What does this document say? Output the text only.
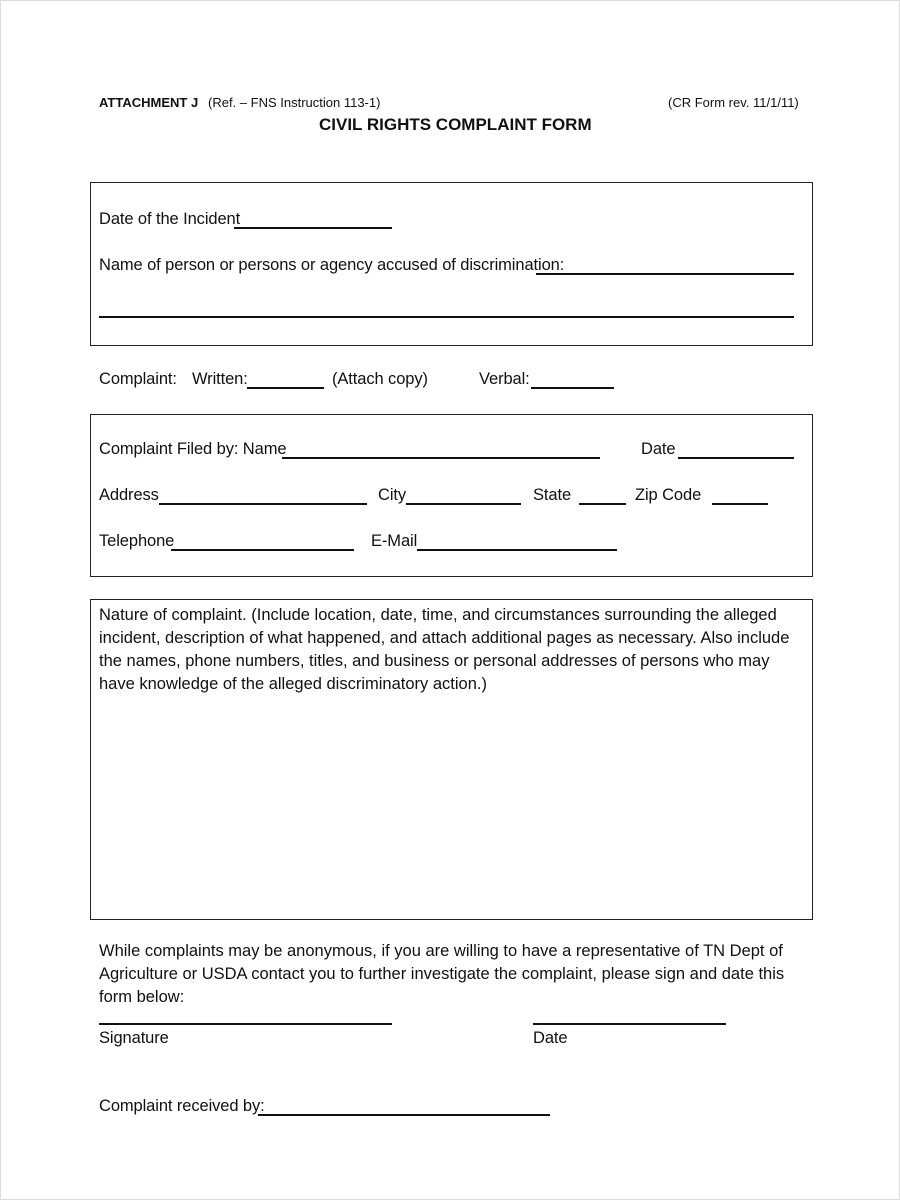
ATTACHMENT J (Ref. – FNS Instruction 113-1)	(CR Form rev. 11/1/11)
CIVIL RIGHTS COMPLAINT FORM
Date of the Incident
Name of person or persons or agency accused of discrimination:
Complaint: Written:	(Attach copy)	Verbal:
Complaint Filed by: Name	Date
Address	City	State	Zip Code
Telephone	E-Mail
Nature of complaint. (Include location, date, time, and circumstances surrounding the alleged incident, description of what happened, and attach additional pages as necessary. Also include the names, phone numbers, titles, and business or personal addresses of persons who may have knowledge of the alleged discriminatory action.)
While complaints may be anonymous, if you are willing to have a representative of TN Dept of Agriculture or USDA contact you to further investigate the complaint, please sign and date this form below:
Signature	Date
Complaint received by:
